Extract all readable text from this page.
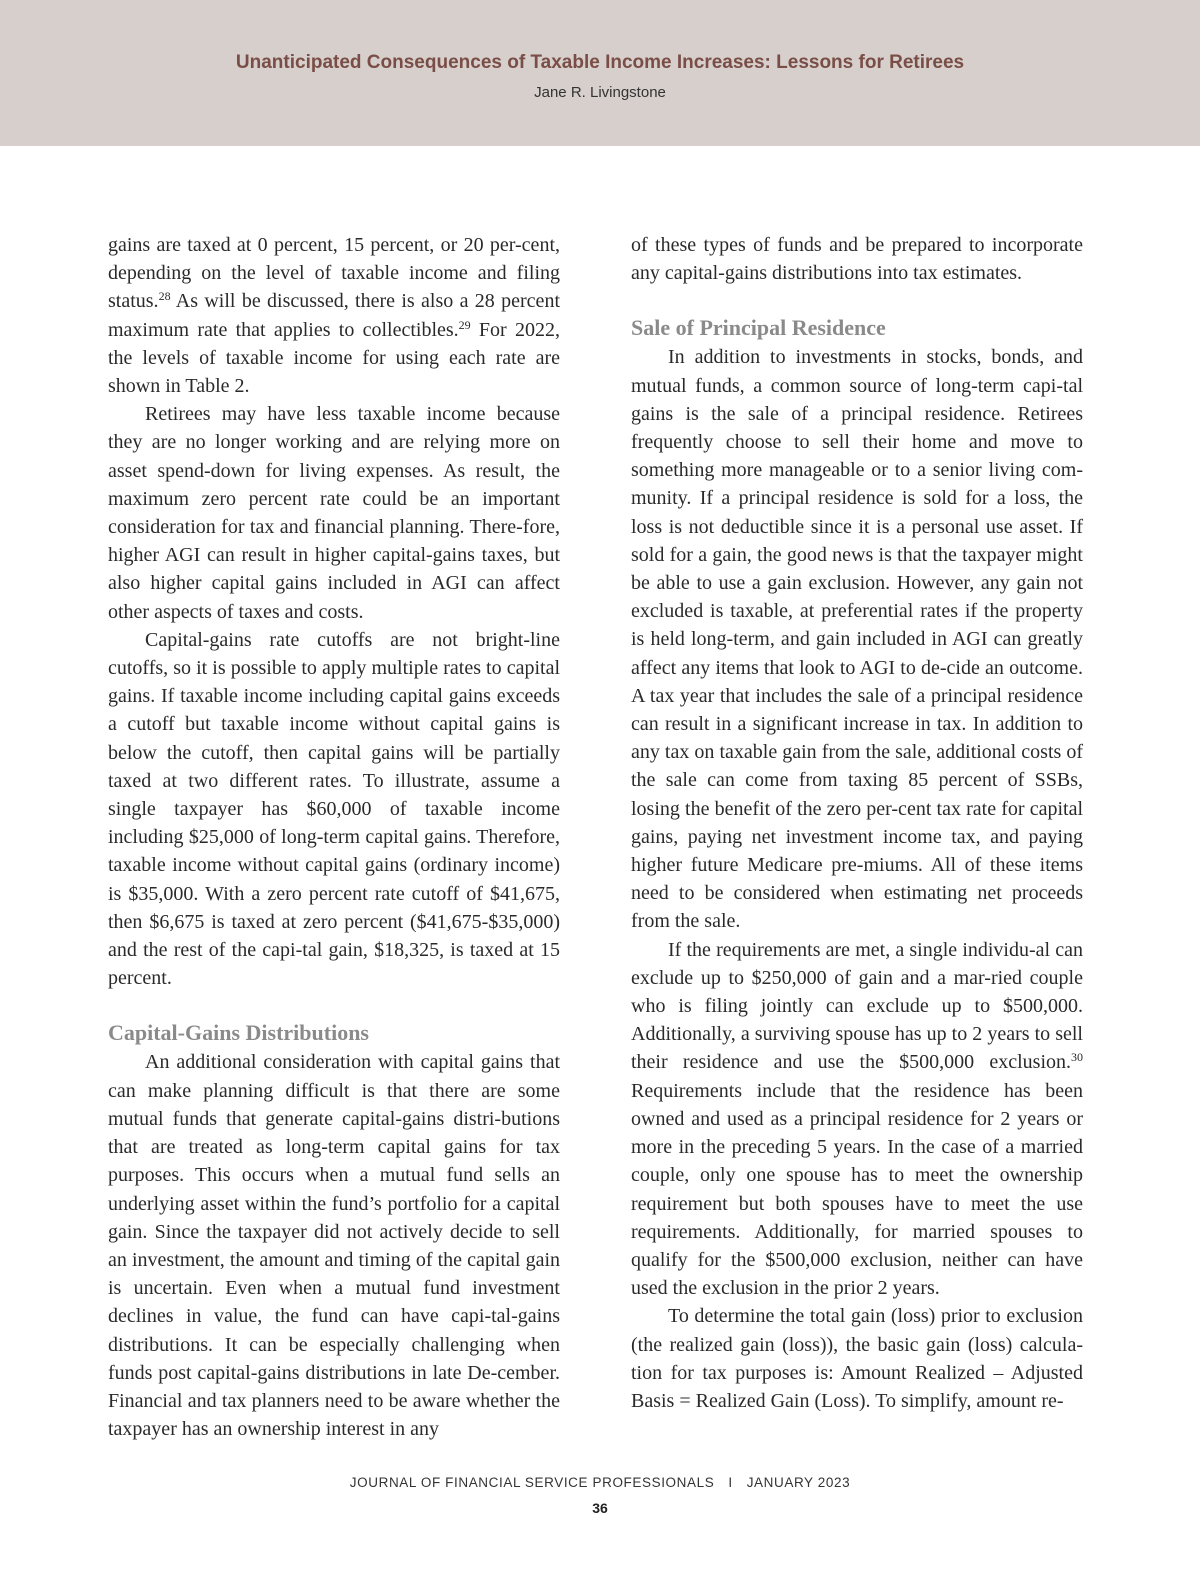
Unanticipated Consequences of Taxable Income Increases: Lessons for Retirees
Jane R. Livingstone

gains are taxed at 0 percent, 15 percent, or 20 per-cent, depending on the level of taxable income and filing status.$^{28}$ As will be discussed, there is also a 28 percent maximum rate that applies to collectibles.$^{29}$ For 2022, the levels of taxable income for using each rate are shown in Table 2.

Retirees may have less taxable income because they are no longer working and are relying more on asset spend-down for living expenses. As result, the maximum zero percent rate could be an important consideration for tax and financial planning. There-fore, higher AGI can result in higher capital-gains taxes, but also higher capital gains included in AGI can affect other aspects of taxes and costs.

Capital-gains rate cutoffs are not bright-line cutoffs, so it is possible to apply multiple rates to capital gains. If taxable income including capital gains exceeds a cutoff but taxable income without capital gains is below the cutoff, then capital gains will be partially taxed at two different rates. To illustrate, assume a single taxpayer has $60,000 of taxable income including $25,000 of long-term capital gains. Therefore, taxable income without capital gains (ordinary income) is $35,000. With a zero percent rate cutoff of $41,675, then $6,675 is taxed at zero percent ($41,675-$35,000) and the rest of the capi-tal gain, $18,325, is taxed at 15 percent.

Capital-Gains Distributions

An additional consideration with capital gains that can make planning difficult is that there are some mutual funds that generate capital-gains distri-butions that are treated as long-term capital gains for tax purposes. This occurs when a mutual fund sells an underlying asset within the fund’s portfolio for a capital gain. Since the taxpayer did not actively decide to sell an investment, the amount and timing of the capital gain is uncertain. Even when a mutual fund investment declines in value, the fund can have capi-tal-gains distributions. It can be especially challenging when funds post capital-gains distributions in late De-cember. Financial and tax planners need to be aware whether the taxpayer has an ownership interest in any

of these types of funds and be prepared to incorporate any capital-gains distributions into tax estimates.

Sale of Principal Residence

In addition to investments in stocks, bonds, and mutual funds, a common source of long-term capi-tal gains is the sale of a principal residence. Retirees frequently choose to sell their home and move to something more manageable or to a senior living com-munity. If a principal residence is sold for a loss, the loss is not deductible since it is a personal use asset. If sold for a gain, the good news is that the taxpayer might be able to use a gain exclusion. However, any gain not excluded is taxable, at preferential rates if the property is held long-term, and gain included in AGI can greatly affect any items that look to AGI to de-cide an outcome. A tax year that includes the sale of a principal residence can result in a significant increase in tax. In addition to any tax on taxable gain from the sale, additional costs of the sale can come from taxing 85 percent of SSBs, losing the benefit of the zero per-cent tax rate for capital gains, paying net investment income tax, and paying higher future Medicare pre-miums. All of these items need to be considered when estimating net proceeds from the sale.

If the requirements are met, a single individu-al can exclude up to $250,000 of gain and a mar-ried couple who is filing jointly can exclude up to $500,000. Additionally, a surviving spouse has up to 2 years to sell their residence and use the $500,000 exclusion.$^{30}$ Requirements include that the residence has been owned and used as a principal residence for 2 years or more in the preceding 5 years. In the case of a married couple, only one spouse has to meet the ownership requirement but both spouses have to meet the use requirements. Additionally, for married spouses to qualify for the $500,000 exclusion, neither can have used the exclusion in the prior 2 years.

To determine the total gain (loss) prior to exclusion (the realized gain (loss)), the basic gain (loss) calcula-tion for tax purposes is: Amount Realized – Adjusted Basis = Realized Gain (Loss). To simplify, amount re-

JOURNAL OF FINANCIAL SERVICE PROFESSIONALS I JANUARY 2023
36
